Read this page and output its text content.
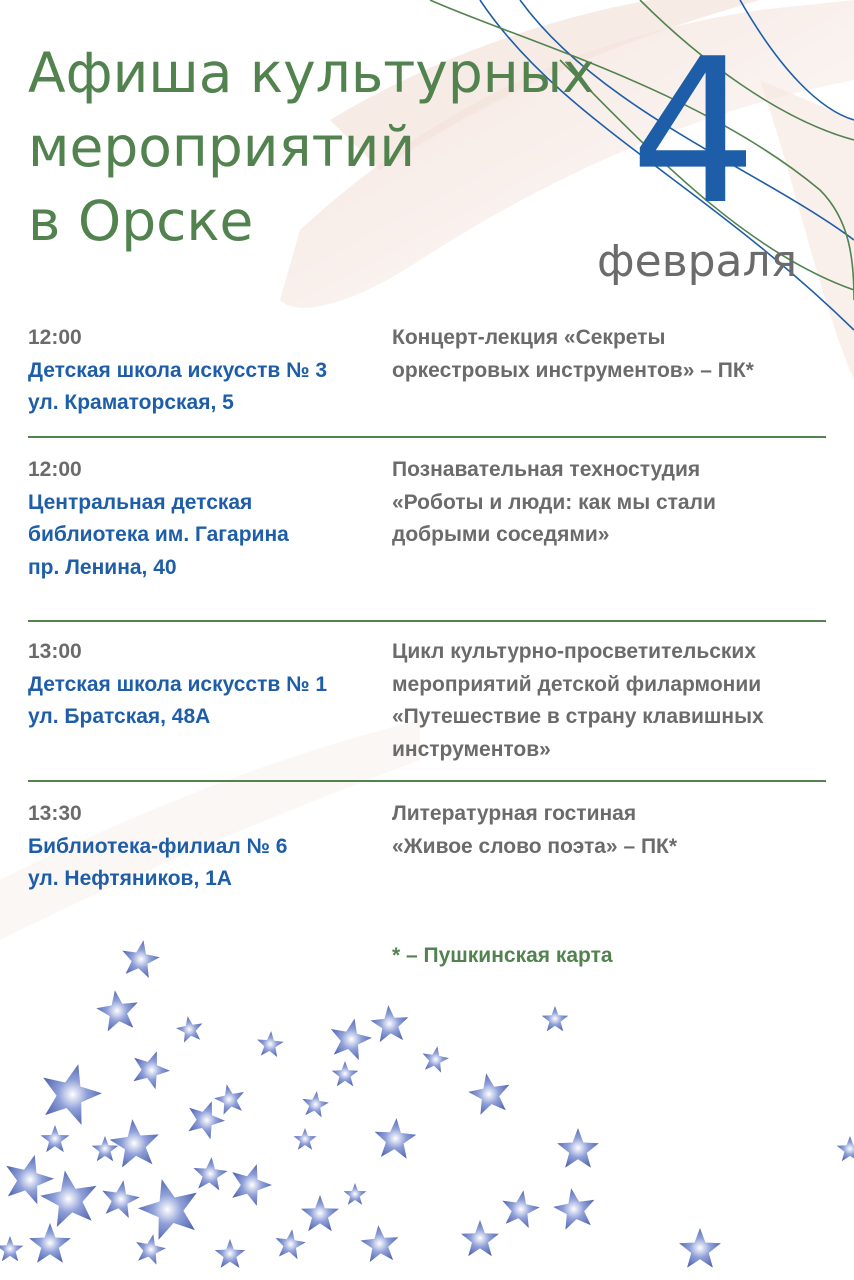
Афиша культурных
мероприятий
в Орске	4
февраля
12:00
Детская школа искусств № 3
ул. Краматорская, 5
Концерт-лекция «Секреты
оркестровых инструментов» – ПК*
12:00
Центральная детская
библиотека им. Гагарина
пр. Ленина, 40
Познавательная техностудия
«Роботы и люди: как мы стали
добрыми соседями»
13:00
Детская школа искусств № 1
ул. Братская, 48А
Цикл культурно-просветительских
мероприятий детской филармонии
«Путешествие в страну клавишных
инструментов»
13:30
Библиотека-филиал № 6
ул. Нефтяников, 1А
Литературная гостиная
«Живое слово поэта» – ПК*
* – Пушкинская карта
